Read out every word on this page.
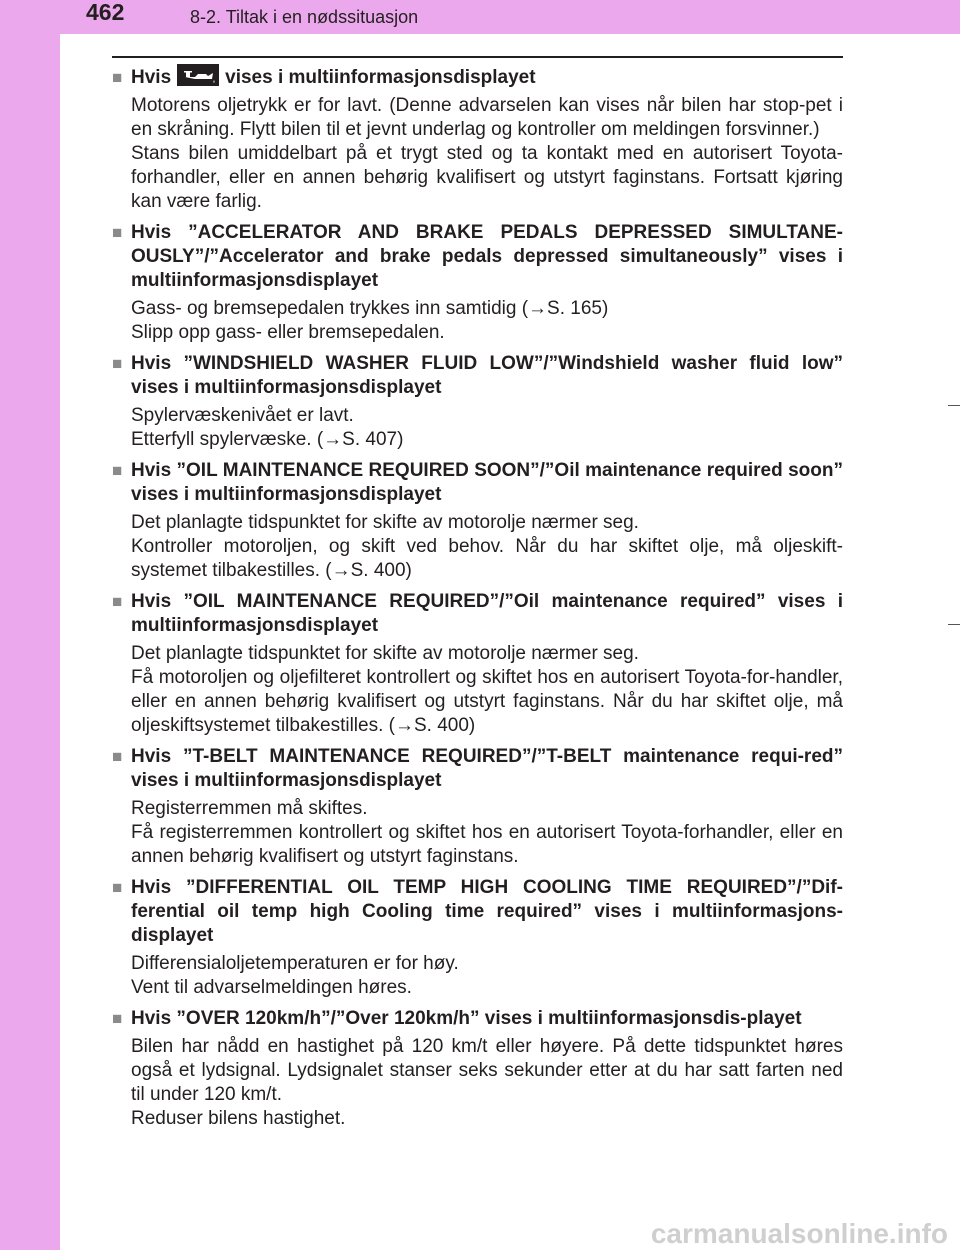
462	8-2. Tiltak i en nødssituasjon
■ Hvis	vises i multiinformasjonsdisplayet
Motorens oljetrykk er for lavt. (Denne advarselen kan vises når bilen har stop-pet i en skråning. Flytt bilen til et jevnt underlag og kontroller om meldingen forsvinner.)
Stans bilen umiddelbart på et trygt sted og ta kontakt med en autorisert Toyota-forhandler, eller en annen behørig kvalifisert og utstyrt faginstans. Fortsatt kjøring kan være farlig.
■ Hvis ”ACCELERATOR AND BRAKE PEDALS DEPRESSED SIMULTANE-OUSLY”/”Accelerator and brake pedals depressed simultaneously” vises i multiinformasjonsdisplayet
Gass- og bremsepedalen trykkes inn samtidig (→S. 165)
Slipp opp gass- eller bremsepedalen.
■ Hvis ”WINDSHIELD WASHER FLUID LOW”/”Windshield washer fluid low” vises i multiinformasjonsdisplayet
Spylervæskenivået er lavt.
Etterfyll spylervæske. (→S. 407)
■ Hvis ”OIL MAINTENANCE REQUIRED SOON”/”Oil maintenance required soon” vises i multiinformasjonsdisplayet
Det planlagte tidspunktet for skifte av motorolje nærmer seg.
Kontroller motoroljen, og skift ved behov. Når du har skiftet olje, må oljeskift-systemet tilbakestilles. (→S. 400)
■ Hvis ”OIL MAINTENANCE REQUIRED”/”Oil maintenance required” vises i multiinformasjonsdisplayet
Det planlagte tidspunktet for skifte av motorolje nærmer seg.
Få motoroljen og oljefilteret kontrollert og skiftet hos en autorisert Toyota-for-handler, eller en annen behørig kvalifisert og utstyrt faginstans. Når du har skiftet olje, må oljeskiftsystemet tilbakestilles. (→S. 400)
■ Hvis ”T-BELT MAINTENANCE REQUIRED”/”T-BELT maintenance requi-red” vises i multiinformasjonsdisplayet
Registerremmen må skiftes.
Få registerremmen kontrollert og skiftet hos en autorisert Toyota-forhandler, eller en annen behørig kvalifisert og utstyrt faginstans.
■ Hvis ”DIFFERENTIAL OIL TEMP HIGH COOLING TIME REQUIRED”/”Dif-ferential oil temp high Cooling time required” vises i multiinformasjons-displayet
Differensialoljetemperaturen er for høy.
Vent til advarselmeldingen høres.
■ Hvis ”OVER 120km/h”/”Over 120km/h” vises i multiinformasjonsdis-playet
Bilen har nådd en hastighet på 120 km/t eller høyere. På dette tidspunktet høres også et lydsignal. Lydsignalet stanser seks sekunder etter at du har satt farten ned til under 120 km/t.
Reduser bilens hastighet.
carmanualsonline.info
